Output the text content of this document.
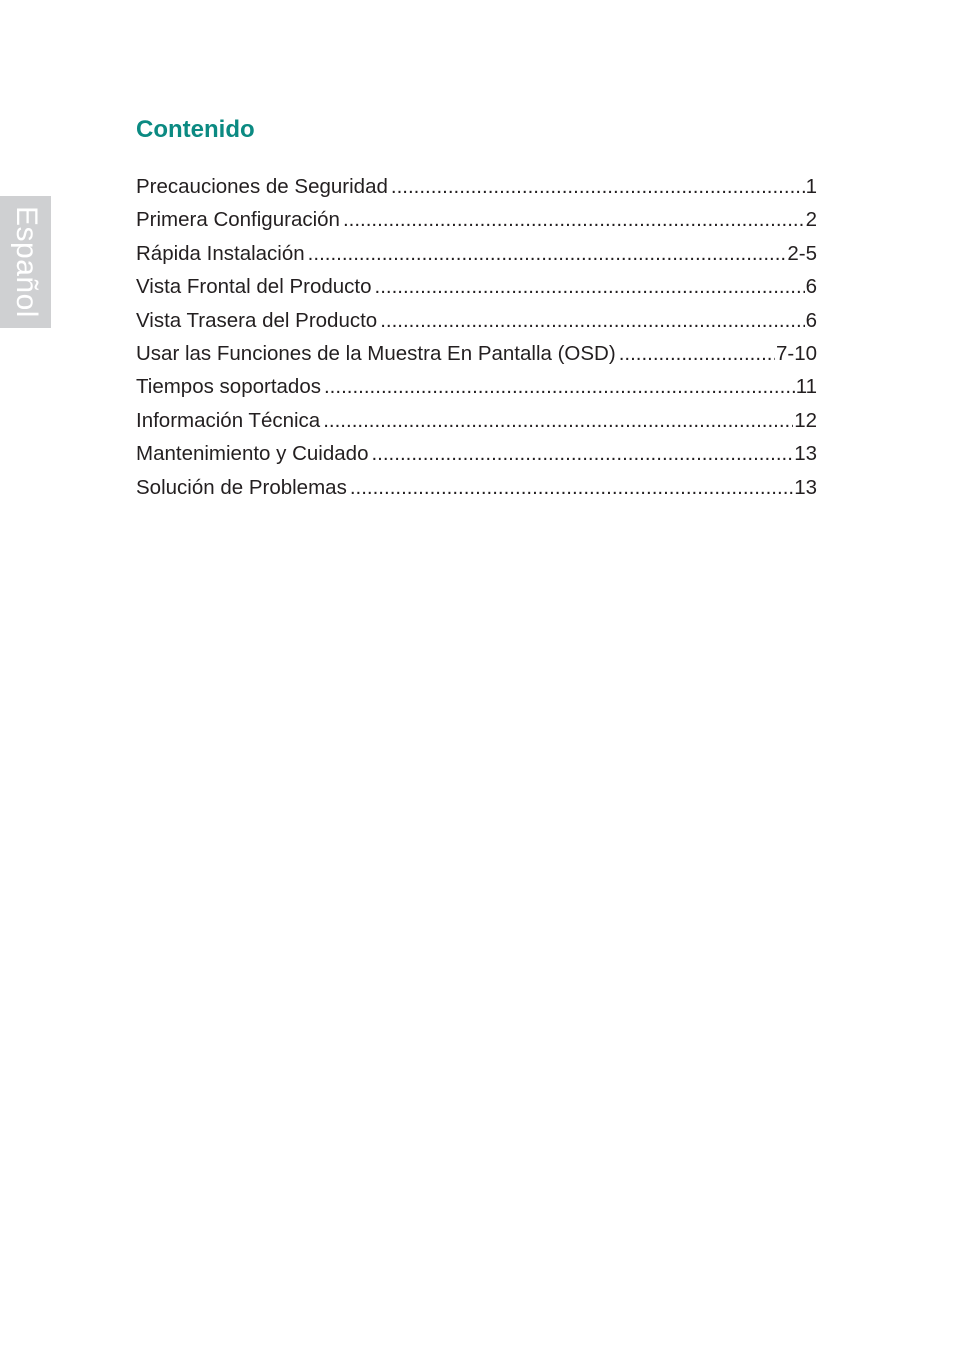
Español
Contenido
Precauciones de Seguridad .....	1
Primera Configuración .....	2
Rápida Instalación .....	2-5
Vista Frontal del Producto .....	6
Vista Trasera del Producto .....	6
Usar las Funciones de la Muestra En Pantalla (OSD) .....	7-10
Tiempos soportados .....	11
Información Técnica .....	12
Mantenimiento y Cuidado .....	13
Solución de Problemas .....	13
